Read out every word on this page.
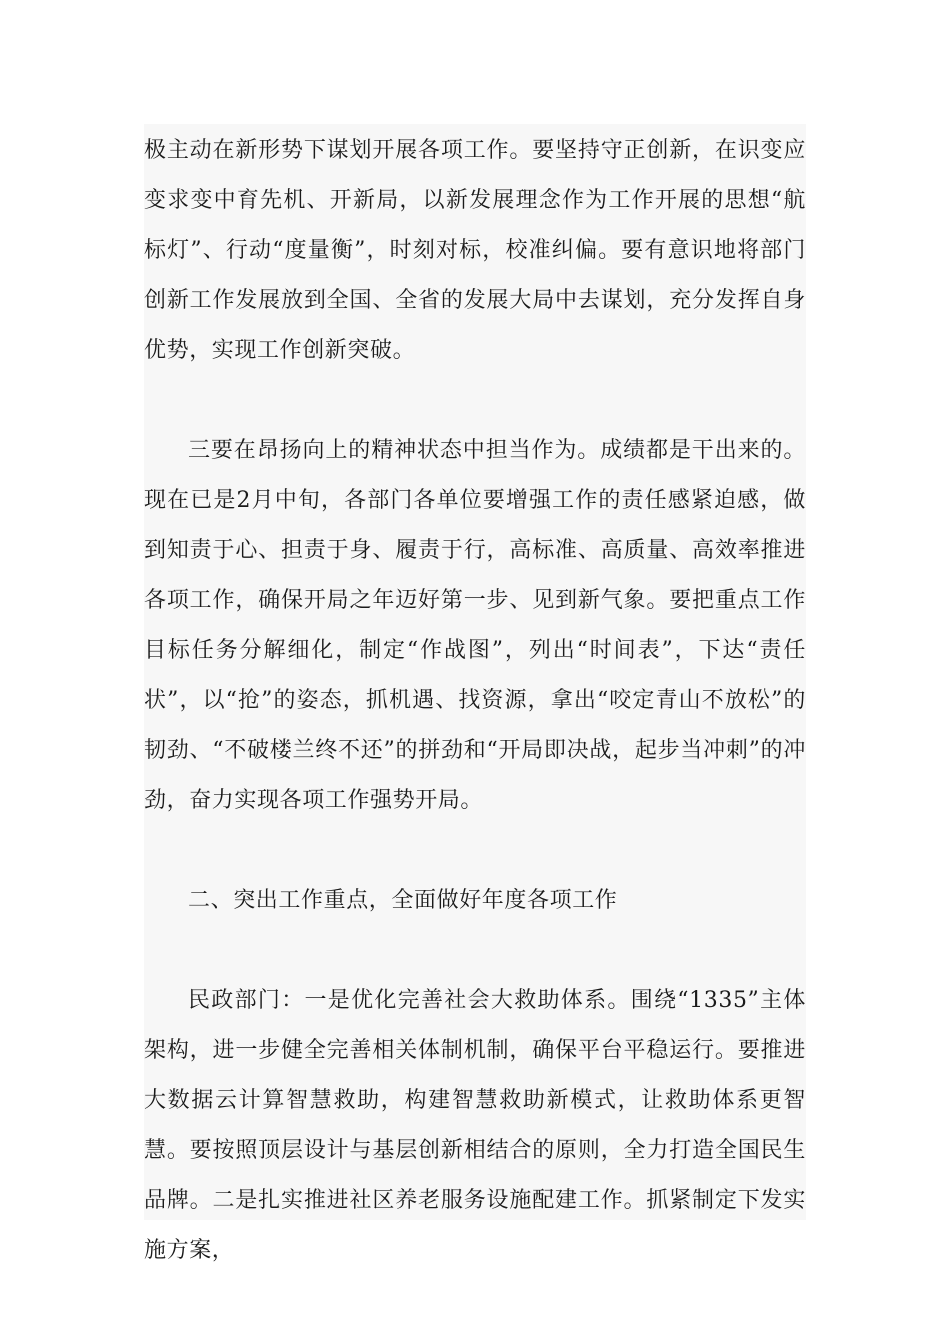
极主动在新形势下谋划开展各项工作。要坚持守正创新，在识变应变求变中育先机、开新局，以新发展理念作为工作开展的思想“航标灯”、行动“度量衡”，时刻对标，校准纠偏。要有意识地将部门创新工作发展放到全国、全省的发展大局中去谋划，充分发挥自身优势，实现工作创新突破。

三要在昂扬向上的精神状态中担当作为。成绩都是干出来的。现在已是2月中旬，各部门各单位要增强工作的责任感紧迫感，做到知责于心、担责于身、履责于行，高标准、高质量、高效率推进各项工作，确保开局之年迈好第一步、见到新气象。要把重点工作目标任务分解细化，制定“作战图”，列出“时间表”，下达“责任状”，以“抢”的姿态，抓机遇、找资源，拿出“咬定青山不放松”的韧劲、“不破楼兰终不还”的拼劲和“开局即决战，起步当冲刺”的冲劲，奋力实现各项工作强势开局。

二、突出工作重点，全面做好年度各项工作

民政部门：一是优化完善社会大救助体系。围绕“1335”主体架构，进一步健全完善相关体制机制，确保平台平稳运行。要推进大数据云计算智慧救助，构建智慧救助新模式，让救助体系更智慧。要按照顶层设计与基层创新相结合的原则，全力打造全国民生品牌。二是扎实推进社区养老服务设施配建工作。抓紧制定下发实施方案，
